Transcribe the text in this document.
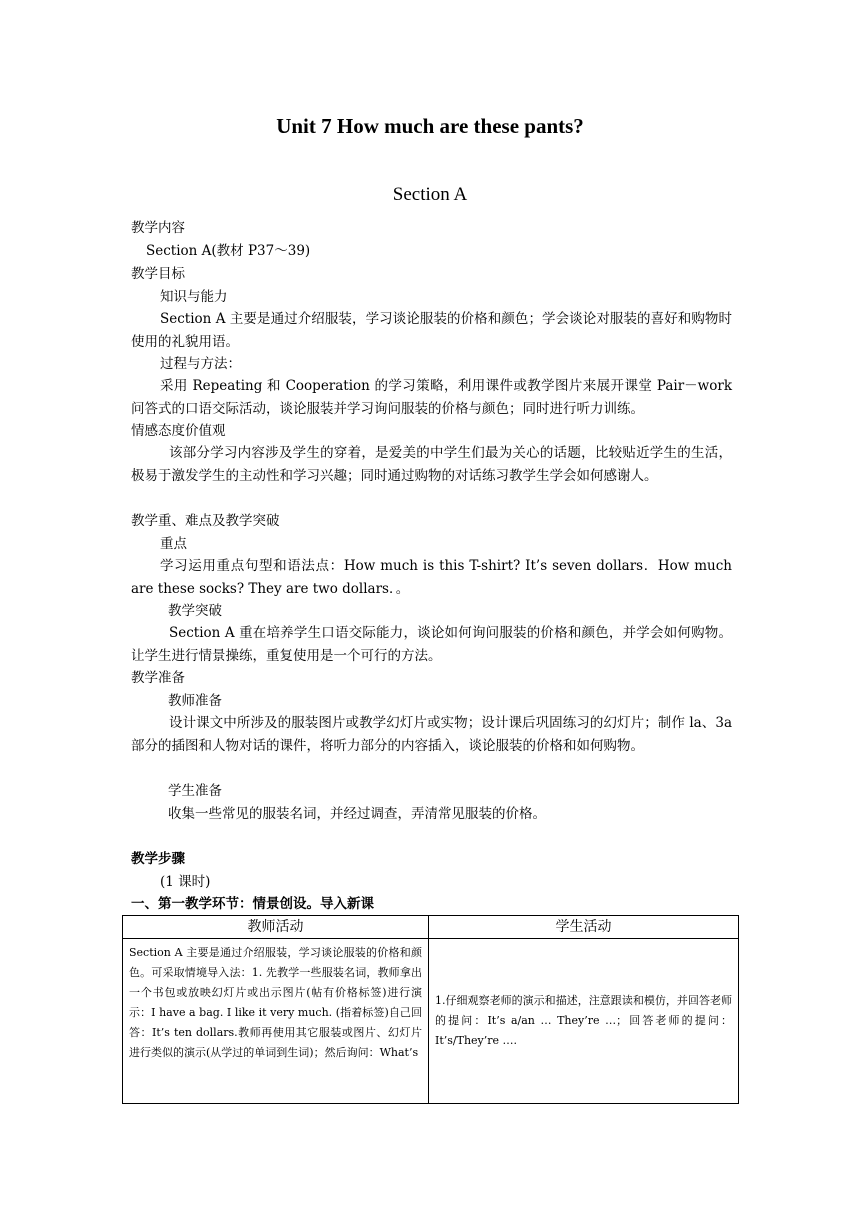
Unit 7 How much are these pants?
Section A
教学内容
Section A(教材 P37～39)
教学目标
知识与能力
Section A 主要是通过介绍服装，学习谈论服装的价格和颜色；学会谈论对服装的喜好和购物时使用的礼貌用语。
过程与方法：
采用 Repeating 和 Cooperation 的学习策略，利用课件或教学图片来展开课堂 Pair－work 问答式的口语交际活动，谈论服装并学习询问服装的价格与颜色；同时进行听力训练。
情感态度价值观
该部分学习内容涉及学生的穿着，是爱美的中学生们最为关心的话题，比较贴近学生的生活，极易于激发学生的主动性和学习兴趣；同时通过购物的对话练习教学生学会如何感谢人。
教学重、难点及教学突破
重点
学习运用重点句型和语法点：How much is this T-shirt? It’s seven dollars．How much are these socks? They are two dollars．。
教学突破
Section A 重在培养学生口语交际能力，谈论如何询问服装的价格和颜色，并学会如何购物。让学生进行情景操练，重复使用是一个可行的方法。
教学准备
教师准备
设计课文中所涉及的服装图片或教学幻灯片或实物；设计课后巩固练习的幻灯片；制作 la、3a 部分的插图和人物对话的课件，将听力部分的内容插入，谈论服装的价格和如何购物。
学生准备
收集一些常见的服装名词，并经过调查，弄清常见服装的价格。
教学步骤
(1 课时)
一、第一教学环节：情景创设。导入新课
教师活动	学生活动
Section A 主要是通过介绍服装，学习谈论服装的价格和颜色。可采取情境导入法：1. 先教学一些服装名词，教师拿出一个书包或放映幻灯片或出示图片(帖有价格标签)进行演示：I have a bag. I like it very much. (指着标签)自己回答：It’s ten dollars.教师再使用其它服装或图片、幻灯片进行类似的演示(从学过的单词到生词)；然后询问：What’s	1.仔细观察老师的演示和描述，注意跟读和模仿，并回答老师的提问：It’s a/an … They’re …；回答老师的提问：It’s/They’re ….
